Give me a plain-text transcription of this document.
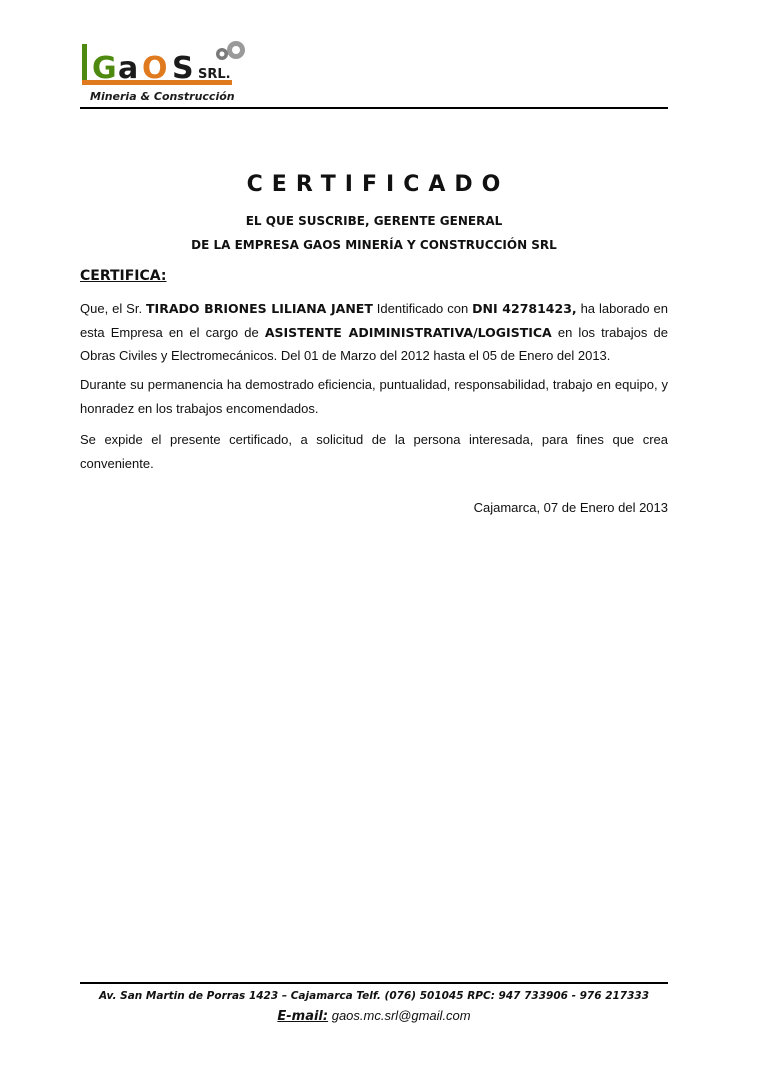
G a O S SRL.
Mineria & Construcción
CERTIFICADO
EL QUE SUSCRIBE, GERENTE GENERAL
DE LA EMPRESA GAOS MINERÍA Y CONSTRUCCIÓN SRL
CERTIFICA:
Que, el Sr. TIRADO BRIONES LILIANA JANET Identificado con DNI 42781423, ha laborado en esta Empresa en el cargo de ASISTENTE ADIMINISTRATIVA/LOGISTICA en los trabajos de Obras Civiles y Electromecánicos. Del 01 de Marzo del 2012 hasta el 05 de Enero del 2013.
Durante su permanencia ha demostrado eficiencia, puntualidad, responsabilidad, trabajo en equipo, y honradez en los trabajos encomendados.
Se expide el presente certificado, a solicitud de la persona interesada, para fines que crea conveniente.
Cajamarca, 07 de Enero del 2013
Av. San Martin de Porras 1423 – Cajamarca Telf. (076) 501045 RPC: 947 733906 - 976 217333
E-mail: gaos.mc.srl@gmail.com
